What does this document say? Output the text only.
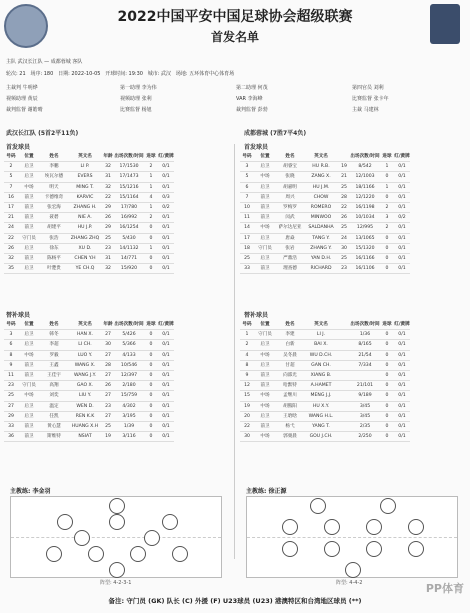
2022中国平安中国足球协会超级联赛
首发名单
主队 武汉长江队 — 成都蓉城 客队
轮次: 21 场序: 180 日期: 2022-10-05 开球时间: 19:30 城市: 武汉 场地: 五环体育中心体育场
主裁判 牛明烨	第一助理 李为伟	第二助理 何茂	第四官员 刘利
视频助理 黄辰	视频助理 张利	VAR 李海峰	比赛监督 张卡年
裁判监督 谢皓晴	比赛监督 杨旭	裁判监督 彭勃	主裁 马建林
武汉长江队 (5首2平11负)	成都蓉城 (7胜7平4负)
首发球员	首发球员
号码	位置	姓名	英文名	年龄 出场次数/时间 进球 红/黄牌
2	后卫	李鹏	LI P.	32	17/1530	2	0/1
5	后卫	埃瓦尔德	EVERS	31	17/1473	1	0/1
7	中场	明天	MING T.	32	15/1216	1	0/1
16	前卫	卡德维奇	KARVIC	22	15/1164	4	0/3
17	前卫	张宏海	ZHANG H.	29	17/780	1	0/2
21	前卫	聂碧	NIE A.	26	16/992	2	0/1
24	前卫	胡建平	HU J.P.	29	16/1254	0	0/1
22	守门员	张浩	ZHANG ZHQ	25	5/430	0	0/1
26	后卫	徐东	XU D.	23	14/1132	1	0/1
32	前卫	陈杨平	CHEN Y.H	31	14/771	0	0/1
35	后卫	叶楚贵	YE CH.Q	32	15/920	0	0/1
号码	位置	姓名	英文名	出场次数/时间 进球 红/黄牌
3	后卫	胡睿宝	HU R.B.	19	8/542	1	0/1
5	中场	张晓	ZANG X.	21	12/1003	0	0/1
6	后卫	胡嘉明	HU J.M.	25	18/1166	1	0/1
7	前卫	周兴	CHOW	28	12/1220	0	0/1
10	前卫	罗梅罗	ROMERO	22	16/1198	2	0/1
11	前卫	闵武	MINWOO	26	10/1034	3	0/2
14	中场	萨尔达尼亚	SALDANHA	25	12/995	2	0/1
17	后卫	唐焱	TANG Y.	24	13/1065	0	0/1
18	守门员	张岩	ZHANG Y.	30	15/1320	0	0/1
25	后卫	严鼎浩	YAN D.H.	25	16/1166	0	0/1
33	前卫	理查德	RICHARD	23	16/1106	0	0/1
替补球员	替补球员
号码	位置	姓名	英文名	年龄 出场次数/时间 进球 红/黄牌
3	后卫	韩冬	HAN X.	27	5/426	0	0/1
6	后卫	李超	LI CH.	30	5/366	0	0/1
8	中场	罗毅	LUO Y.	27	4/133	0	0/1
9	前卫	王鑫	WANG X.	28	10/546	0	0/1
11	前卫	王佳宇	WANG J.Y.	27	12/397	0	0/1
23	守门员	高翔	GAO X.	26	2/180	0	0/1
25	中场	刘奕	LIU Y.	27	15/759	0	0/1
27	后卫	温定	WEN D.	23	4/302	0	0/1
29	后卫	任凯	REN K.K	27	3/195	0	0/1
33	前卫	黄心慧	HUANG X.H	25	1/39	0	0/1
36	前卫	斯维特	NSIAT	19	3/116	0	0/1
号码	位置	姓名	英文名	出场次数/时间 进球 红/黄牌
1	守门员	李建	LI J.	1/36	0	0/1
2	后卫	白新	BAI X.	8/165	0	0/1
4	中场	吴冬晨	WU D.CH.	21/54	0	0/1
8	后卫	甘超	GAN CH.	7/334	0	0/1
9	前卫	向邵光	XIANG B.	0	0/1
12	前卫	哈默特	A.HAMET	21/101	0	0/1
15	中场	孟继川	MENG J.J.	9/189	0	0/1
19	中场	胡熊阳	HU X.Y.	3/45	0	0/1
20	后卫	王晗晗	WANG H.L.	3/45	0	0/1
22	前卫	杨弋	YANG T.	2/35	0	0/1
30	中场	郭栗晨	GOU J.CH.	2/250	0	0/1
主教练: 李金羽	主教练: 徐正源
阵型: 4-2-3-1	阵型: 4-4-2
备注: 守门员 (GK) 队长 (C) 外援 (F) U23球员 (U23) 港澳特区和台湾地区球员 (**)
PP体育
